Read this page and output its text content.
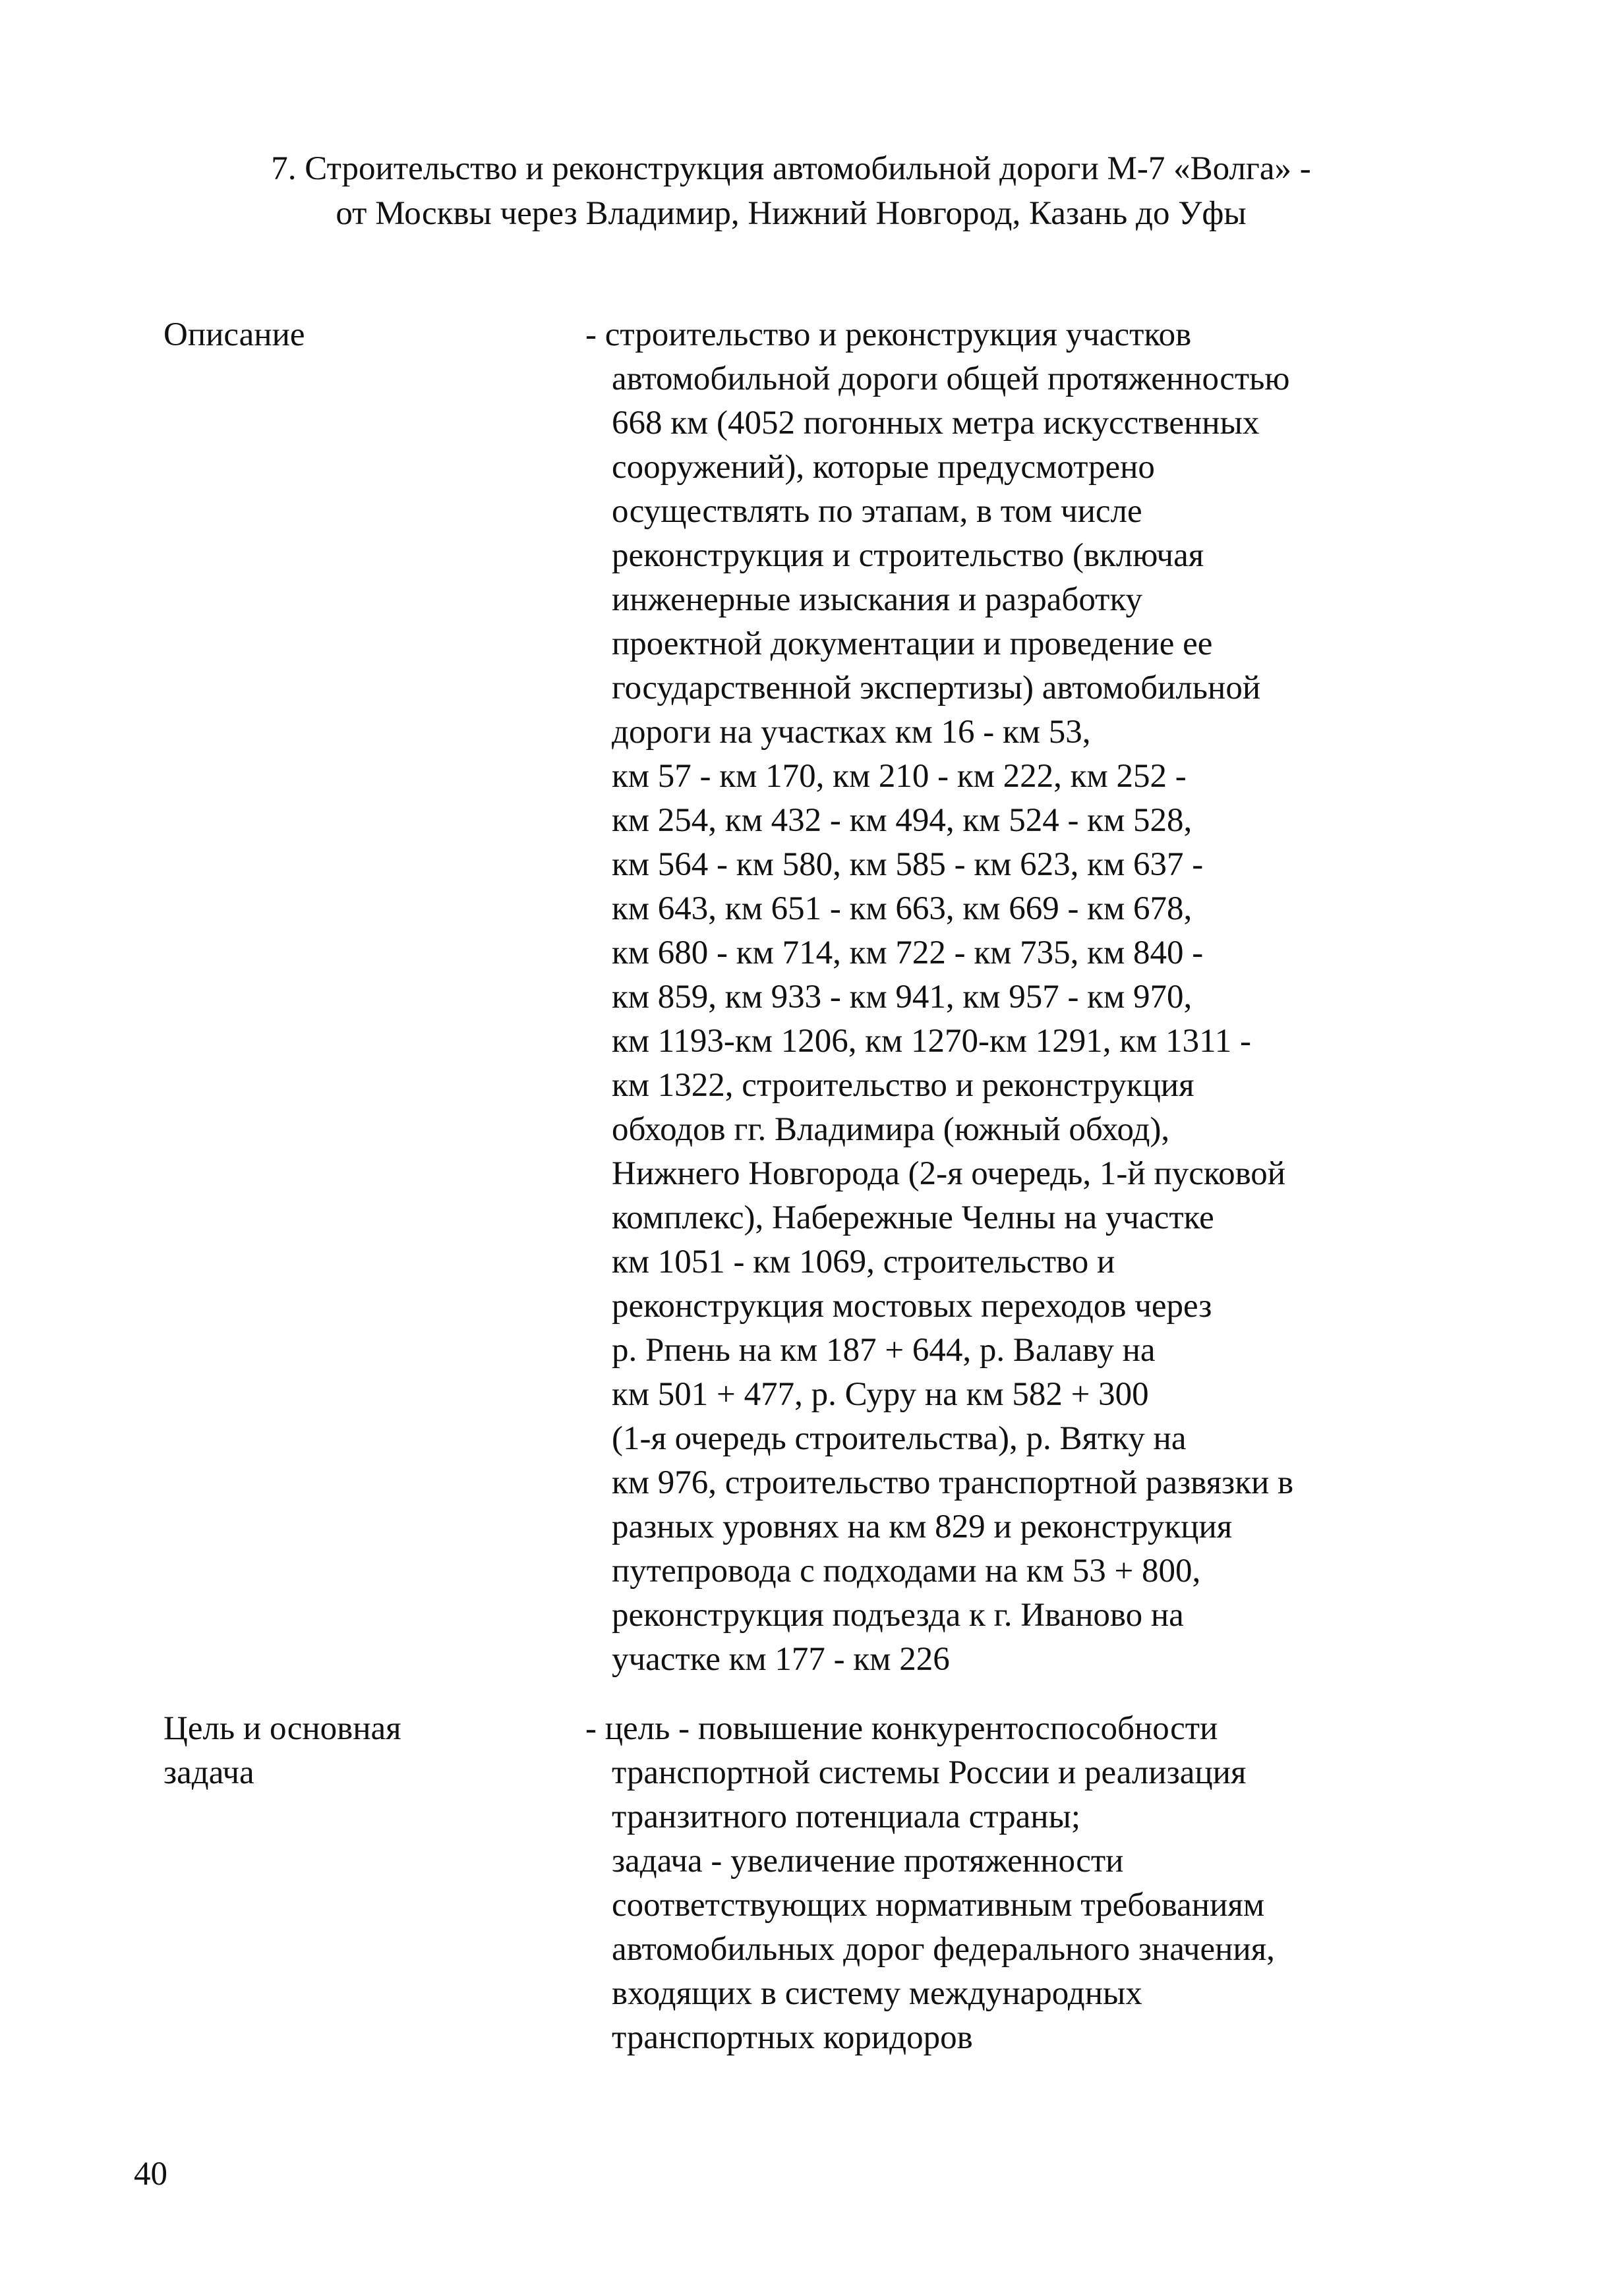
7. Строительство и реконструкция автомобильной дороги М-7 «Волга» -
от Москвы через Владимир, Нижний Новгород, Казань до Уфы
Описание	- строительство и реконструкция участков
автомобильной дороги общей протяженностью
668 км (4052 погонных метра искусственных
сооружений), которые предусмотрено
осуществлять по этапам, в том числе
реконструкция и строительство (включая
инженерные изыскания и разработку
проектной документации и проведение ее
государственной экспертизы) автомобильной
дороги на участках км 16 - км 53,
км 57 - км 170, км 210 - км 222, км 252 -
км 254, км 432 - км 494, км 524 - км 528,
км 564 - км 580, км 585 - км 623, км 637 -
км 643, км 651 - км 663, км 669 - км 678,
км 680 - км 714, км 722 - км 735, км 840 -
км 859, км 933 - км 941, км 957 - км 970,
км 1193-км 1206, км 1270-км 1291, км 1311 -
км 1322, строительство и реконструкция
обходов гг. Владимира (южный обход),
Нижнего Новгорода (2-я очередь, 1-й пусковой
комплекс), Набережные Челны на участке
км 1051 - км 1069, строительство и
реконструкция мостовых переходов через
р. Рпень на км 187 + 644, р. Валаву на
км 501 + 477, р. Суру на км 582 + 300
(1-я очередь строительства), р. Вятку на
км 976, строительство транспортной развязки в
разных уровнях на км 829 и реконструкция
путепровода с подходами на км 53 + 800,
реконструкция подъезда к г. Иваново на
участке км 177 - км 226
Цель и основная
задача
- цель - повышение конкурентоспособности
транспортной системы России и реализация
транзитного потенциала страны;
задача - увеличение протяженности
соответствующих нормативным требованиям
автомобильных дорог федерального значения,
входящих в систему международных
транспортных коридоров
40
